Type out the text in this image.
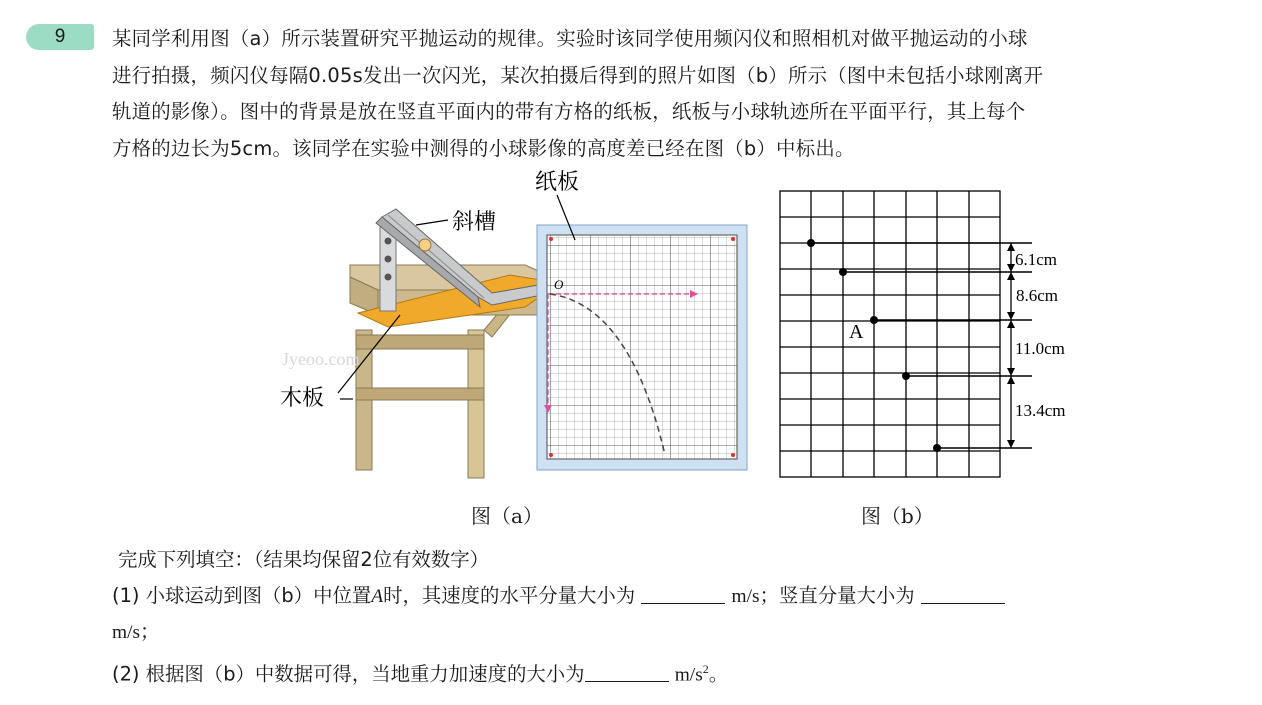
9	某同学利用图（a）所示装置研究平抛运动的规律。实验时该同学使用频闪仪和照相机对做平抛运动的小球

进行拍摄，频闪仪每隔0.05s发出一次闪光，某次拍摄后得到的照片如图（b）所示（图中未包括小球刚离开

轨道的影像）。图中的背景是放在竖直平面内的带有方格的纸板，纸板与小球轨迹所在平面平行，其上每个

方格的边长为5cm。该同学在实验中测得的小球影像的高度差已经在图（b）中标出。

斜槽
纸板
木板
O
Jyeoo.com
图（a）
A
6.1cm
8.6cm
11.0cm
13.4cm
图（b）
完成下列填空：（结果均保留2位有效数字）
(1) 小球运动到图（b）中位置A时，其速度的水平分量大小为	m/s；竖直分量大小为
m/s；
(2) 根据图（b）中数据可得，当地重力加速度的大小为	$m/s^2$。
